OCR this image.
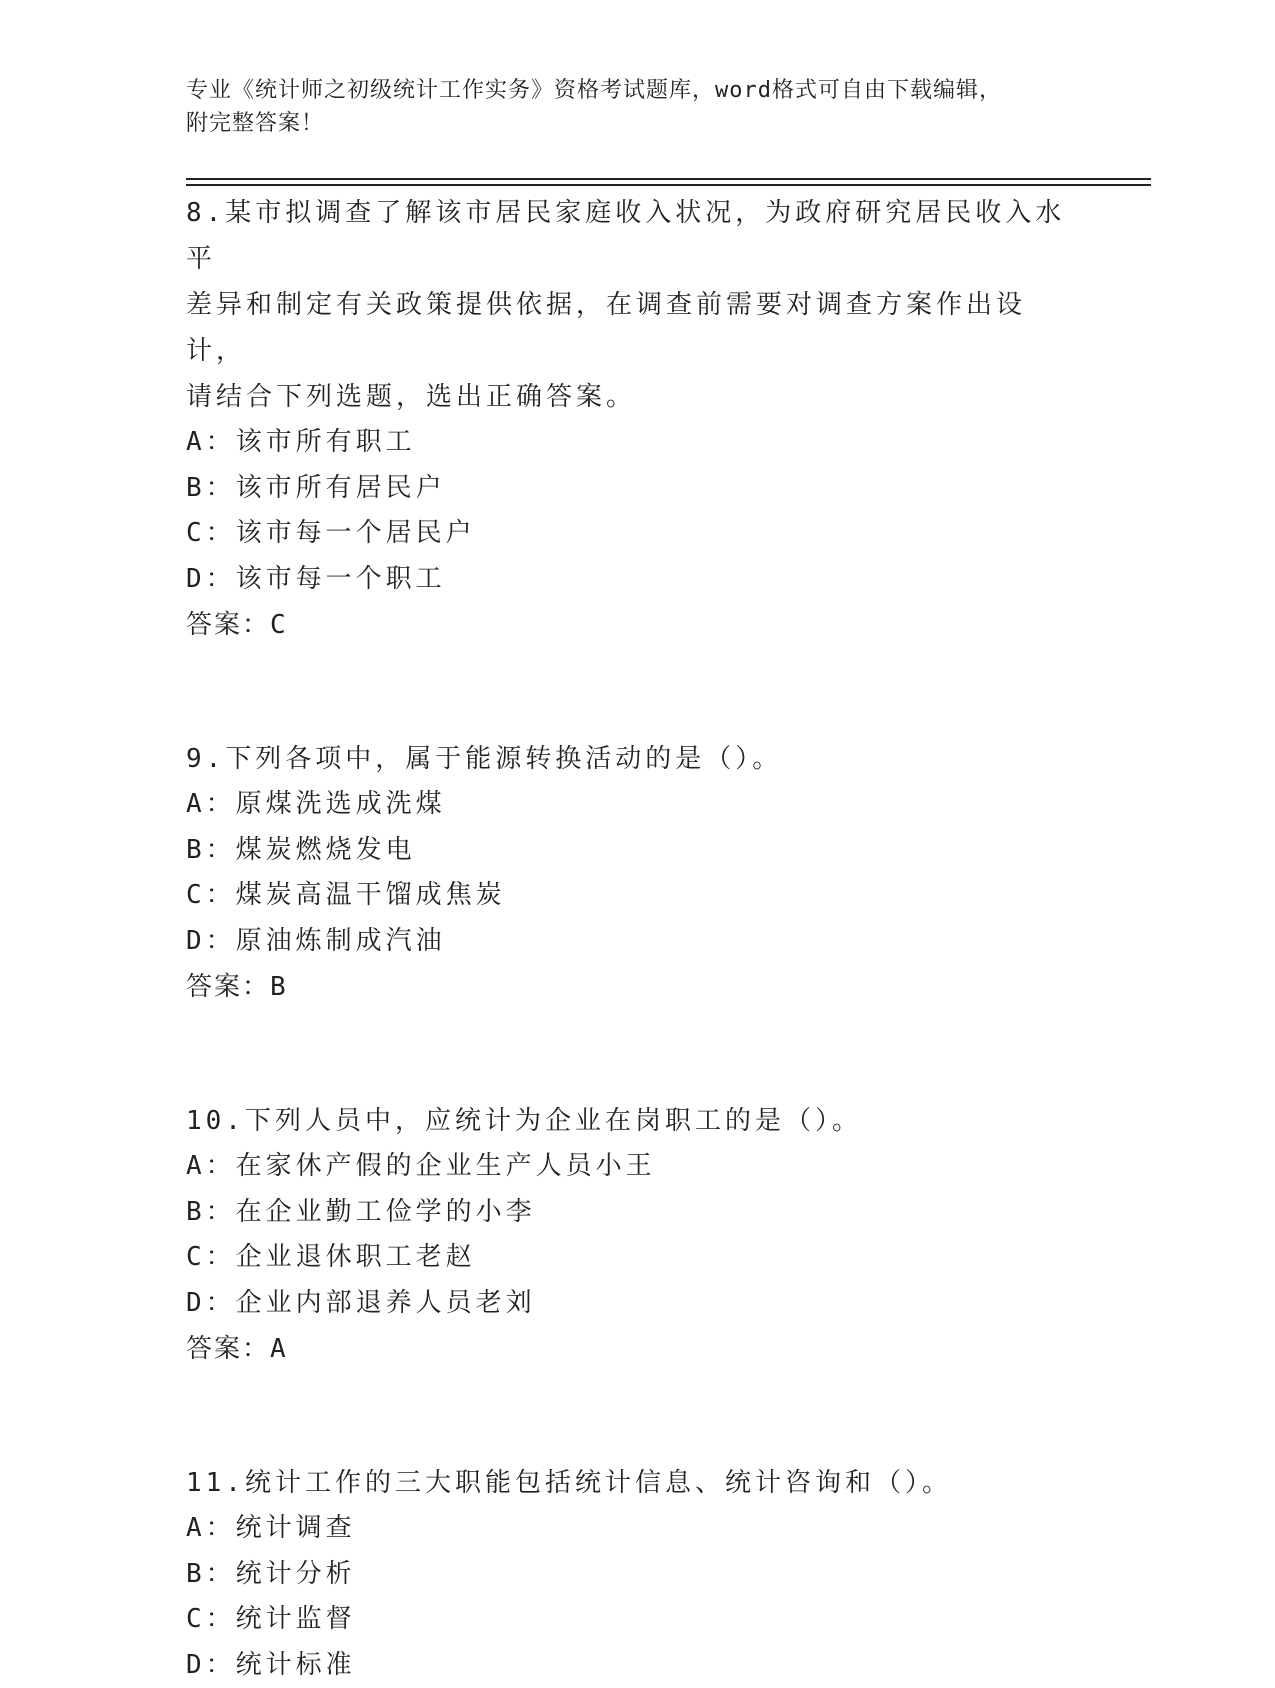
专业《统计师之初级统计工作实务》资格考试题库，word格式可自由下载编辑，
附完整答案！

8.某市拟调查了解该市居民家庭收入状况，为政府研究居民收入水平

差异和制定有关政策提供依据，在调查前需要对调查方案作出设计，

请结合下列选题，选出正确答案。

A：该市所有职工

B：该市所有居民户

C：该市每一个居民户

D：该市每一个职工

答案：C

9.下列各项中，属于能源转换活动的是（）。

A：原煤洗选成洗煤

B：煤炭燃烧发电

C：煤炭高温干馏成焦炭

D：原油炼制成汽油

答案：B

10.下列人员中，应统计为企业在岗职工的是（）。

A：在家休产假的企业生产人员小王

B：在企业勤工俭学的小李

C：企业退休职工老赵

D：企业内部退养人员老刘

答案：A

11.统计工作的三大职能包括统计信息、统计咨询和（）。

A：统计调查

B：统计分析

C：统计监督

D：统计标准
